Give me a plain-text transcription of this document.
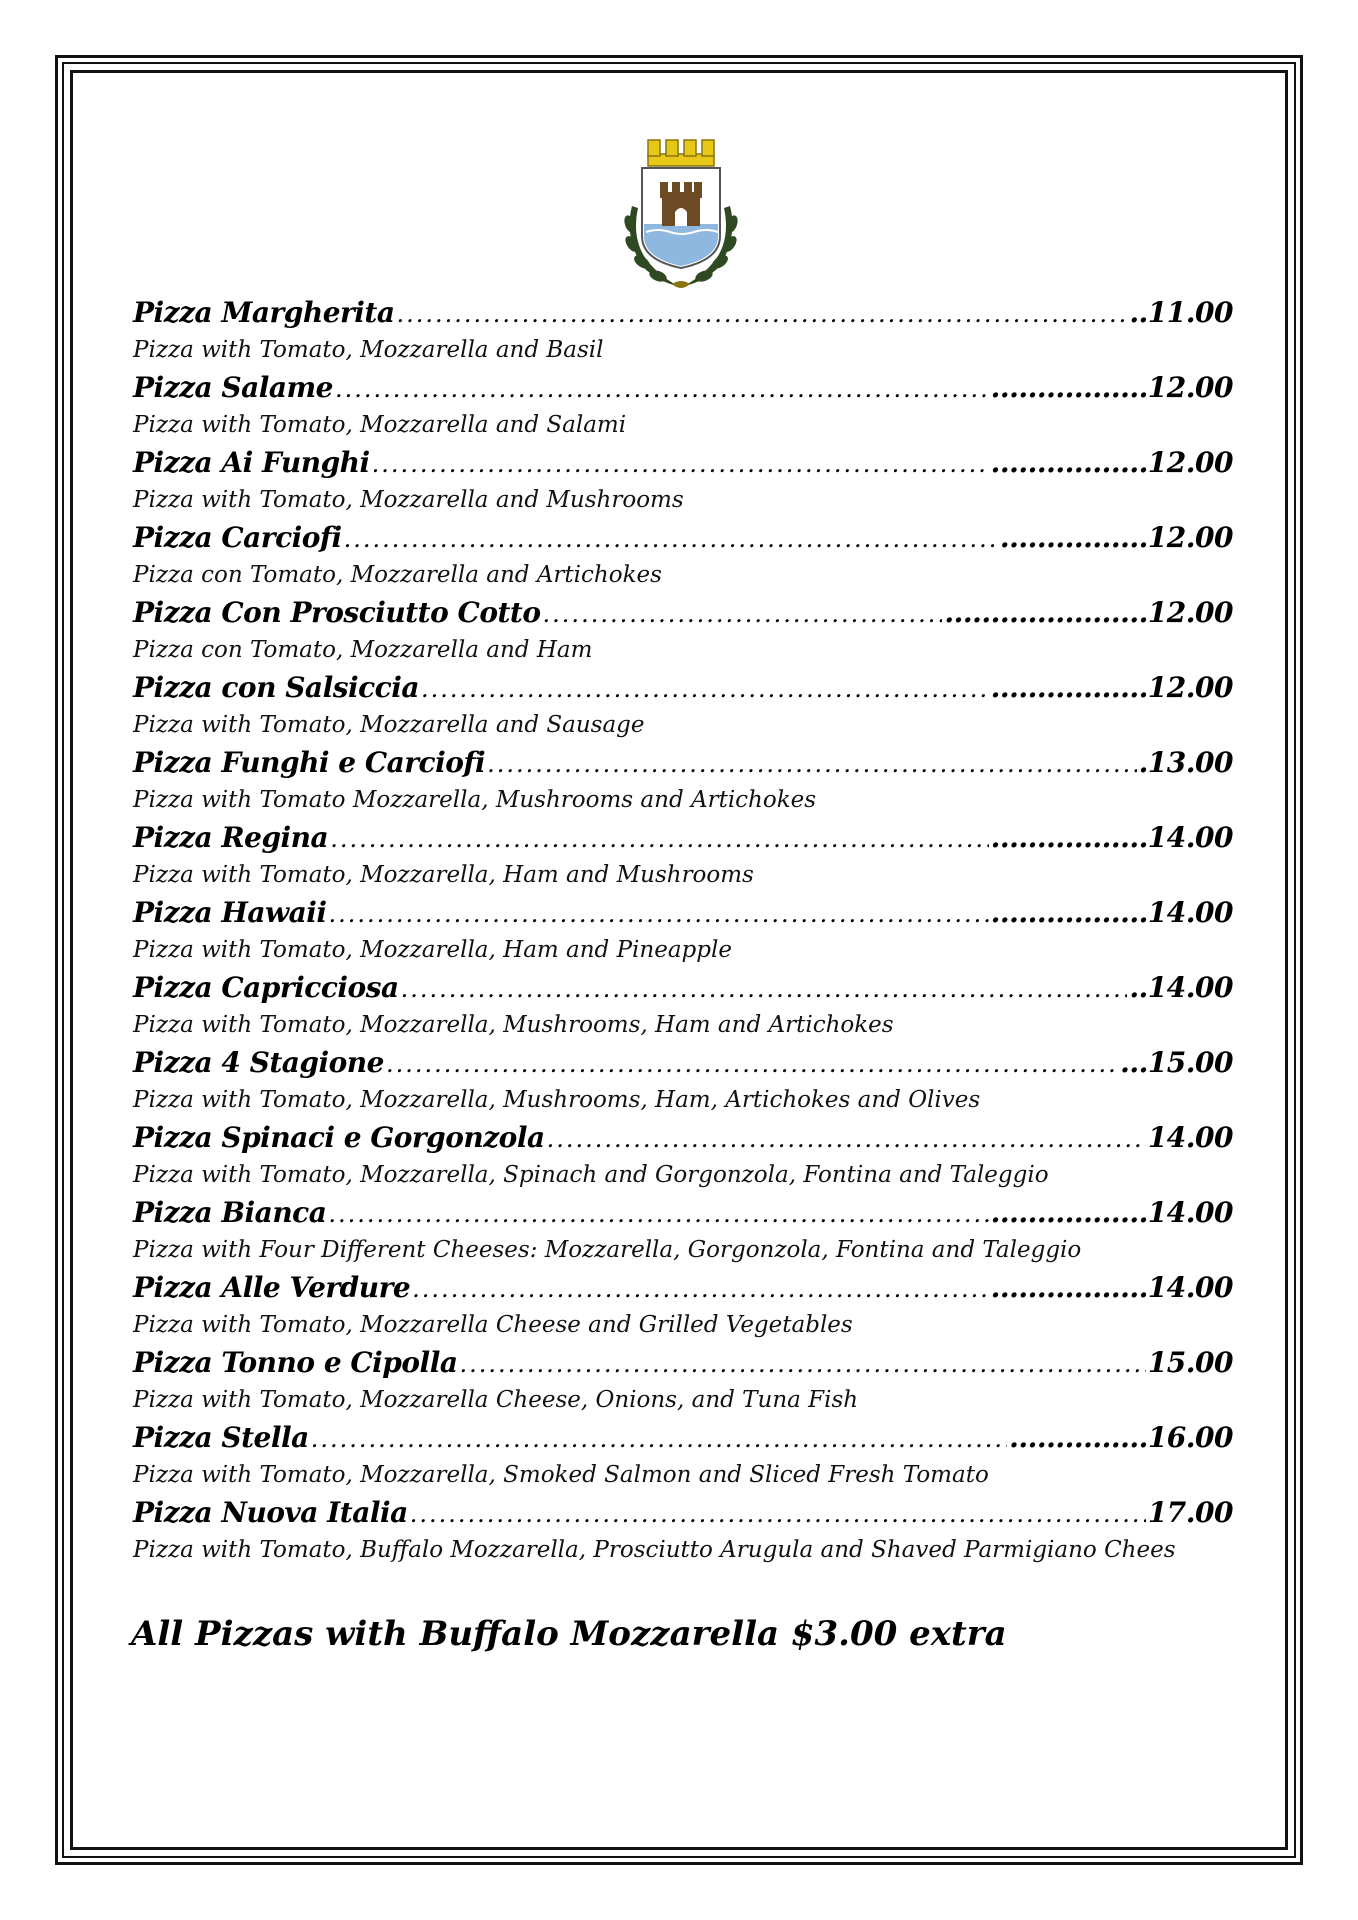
Pizza Margherita .....	..11.00
Pizza with Tomato, Mozzarella and Basil
Pizza Salame .....	.................12.00
Pizza with Tomato, Mozzarella and Salami
Pizza Ai Funghi .....	.................12.00
Pizza with Tomato, Mozzarella and Mushrooms
Pizza Carciofi .....	................12.00
Pizza con Tomato, Mozzarella and Artichokes
Pizza Con Prosciutto Cotto .....	......................12.00
Pizza con Tomato, Mozzarella and Ham
Pizza con Salsiccia .....	.................12.00
Pizza with Tomato, Mozzarella and Sausage
Pizza Funghi e Carciofi .....	.13.00
Pizza with Tomato Mozzarella, Mushrooms and Artichokes
Pizza Regina .....	.................14.00
Pizza with Tomato, Mozzarella, Ham and Mushrooms
Pizza Hawaii .....	.................14.00
Pizza with Tomato, Mozzarella, Ham and Pineapple
Pizza Capricciosa .....	..14.00
Pizza with Tomato, Mozzarella, Mushrooms, Ham and Artichokes
Pizza 4 Stagione .....	...15.00
Pizza with Tomato, Mozzarella, Mushrooms, Ham, Artichokes and Olives
Pizza Spinaci e Gorgonzola .....	14.00
Pizza with Tomato, Mozzarella, Spinach and Gorgonzola, Fontina and Taleggio
Pizza Bianca .....	.................14.00
Pizza with Four Different Cheeses: Mozzarella, Gorgonzola, Fontina and Taleggio
Pizza Alle Verdure .....	.................14.00
Pizza with Tomato, Mozzarella Cheese and Grilled Vegetables
Pizza Tonno e Cipolla .....	15.00
Pizza with Tomato, Mozzarella Cheese, Onions, and Tuna Fish
Pizza Stella .....	...............16.00
Pizza with Tomato, Mozzarella, Smoked Salmon and Sliced Fresh Tomato
Pizza Nuova Italia .....	17.00
Pizza with Tomato, Buffalo Mozzarella, Prosciutto Arugula and Shaved Parmigiano Chees
All Pizzas with Buffalo Mozzarella $3.00 extra
